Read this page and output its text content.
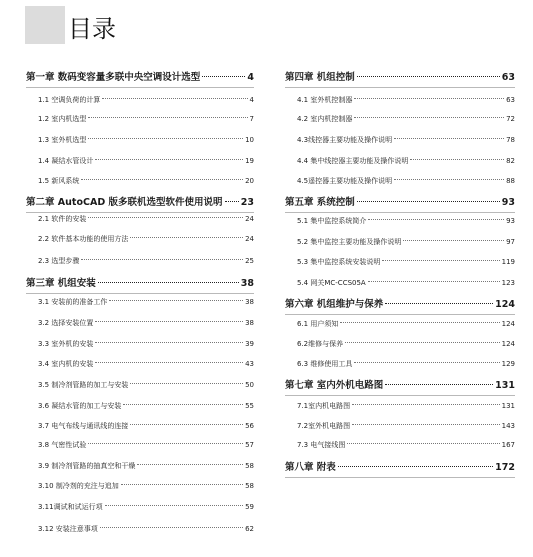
目录
第一章 数码变容量多联中央空调设计选型	4
1.1 空调负荷的计算	4
1.2 室内机选型	7
1.3 室外机选型	10
1.4 凝结水管设计	19
1.5 新风系统	20
第二章 AutoCAD 版多联机选型软件使用说明 23
2.1 软件的安装	24
2.2 软件基本功能的使用方法	24
2.3 选型步骤	25
第三章 机组安装	38
3.1 安装前的准备工作	38
3.2 选择安装位置	38
3.3 室外机的安装	39
3.4 室内机的安装	43
3.5 制冷剂管路的加工与安装	50
3.6 凝结水管的加工与安装	55
3.7 电气布线与通讯线的连接	56
3.8 气密性试验	57
3.9 制冷剂管路的抽真空和干燥	58
3.10 制冷剂的充注与追加	58
3.11调试和试运行项	59
3.12 安装注意事项	62
第四章 机组控制	63
4.1 室外机控制器	63
4.2 室内机控制器	72
4.3线控器主要功能及操作说明	78
4.4 集中线控器主要功能及操作说明	82
4.5遥控器主要功能及操作说明	88
第五章 系统控制	93
5.1 集中监控系统简介	93
5.2 集中监控主要功能及操作说明	97
5.3 集中监控系统安装说明	119
5.4 网关MC-CCS05A	123
第六章 机组维护与保养	124
6.1 用户须知	124
6.2维修与保养	124
6.3 维修使用工具	129
第七章 室内外机电路图	131
7.1室内机电路图	131
7.2室外机电路图	143
7.3 电气接线图	167
第八章 附表	172
